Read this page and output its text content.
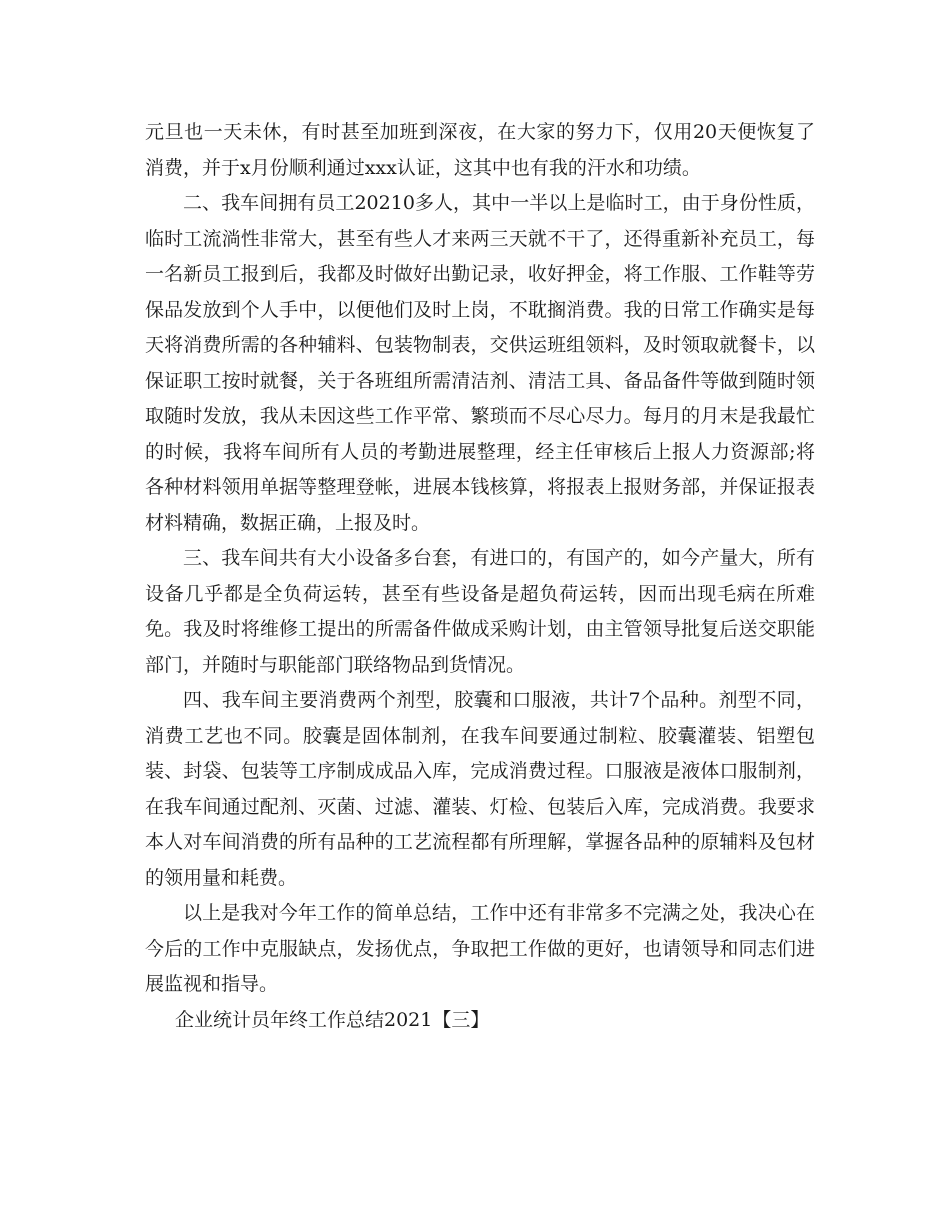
元旦也一天未休，有时甚至加班到深夜，在大家的努力下，仅用20天便恢复了消费，并于x月份顺利通过xxx认证，这其中也有我的汗水和功绩。

二、我车间拥有员工20210多人，其中一半以上是临时工，由于身份性质，临时工流淌性非常大，甚至有些人才来两三天就不干了，还得重新补充员工，每一名新员工报到后，我都及时做好出勤记录，收好押金，将工作服、工作鞋等劳保品发放到个人手中，以便他们及时上岗，不耽搁消费。我的日常工作确实是每天将消费所需的各种辅料、包装物制表，交供运班组领料，及时领取就餐卡，以保证职工按时就餐，关于各班组所需清洁剂、清洁工具、备品备件等做到随时领取随时发放，我从未因这些工作平常、繁琐而不尽心尽力。每月的月末是我最忙的时候，我将车间所有人员的考勤进展整理，经主任审核后上报人力资源部;将各种材料领用单据等整理登帐，进展本钱核算，将报表上报财务部，并保证报表材料精确，数据正确，上报及时。

三、我车间共有大小设备多台套，有进口的，有国产的，如今产量大，所有设备几乎都是全负荷运转，甚至有些设备是超负荷运转，因而出现毛病在所难免。我及时将维修工提出的所需备件做成采购计划，由主管领导批复后送交职能部门，并随时与职能部门联络物品到货情况。

四、我车间主要消费两个剂型，胶囊和口服液，共计7个品种。剂型不同，消费工艺也不同。胶囊是固体制剂，在我车间要通过制粒、胶囊灌装、铝塑包装、封袋、包装等工序制成成品入库，完成消费过程。口服液是液体口服制剂，在我车间通过配剂、灭菌、过滤、灌装、灯检、包装后入库，完成消费。我要求本人对车间消费的所有品种的工艺流程都有所理解，掌握各品种的原辅料及包材的领用量和耗费。

以上是我对今年工作的简单总结，工作中还有非常多不完满之处，我决心在今后的工作中克服缺点，发扬优点，争取把工作做的更好，也请领导和同志们进展监视和指导。

企业统计员年终工作总结2021【三】
